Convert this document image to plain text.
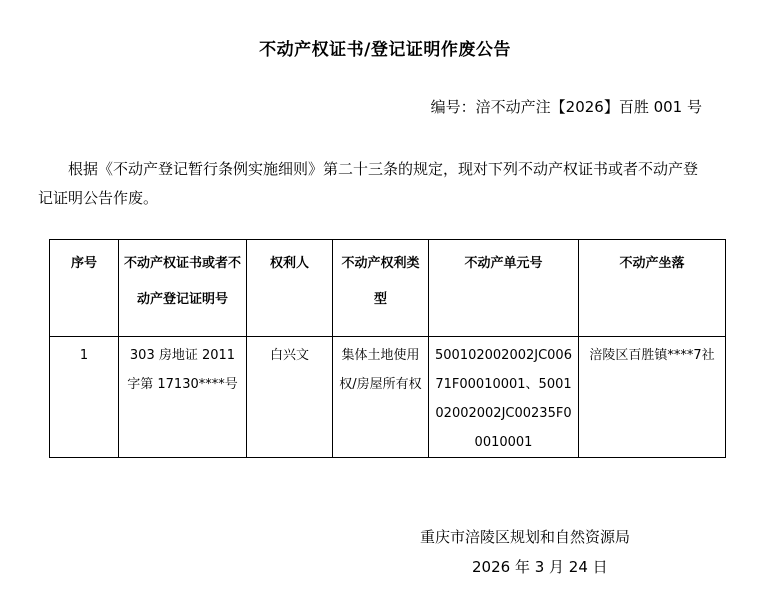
不动产权证书/登记证明作废公告
编号：涪不动产注【2026】百胜 001 号
根据《不动产登记暂行条例实施细则》第二十三条的规定，现对下列不动产权证书或者不动产登记证明公告作废。
序号	不动产权证书或者不动产登记证明号	权利人	不动产权利类型	不动产单元号	不动产坐落
1	303 房地证 2011 字第 17130****号	白兴文	集体土地使用权/房屋所有权	500102002002JC00671F00010001、500102002002JC00235F00010001	涪陵区百胜镇****7社
重庆市涪陵区规划和自然资源局
2026 年 3 月 24 日
